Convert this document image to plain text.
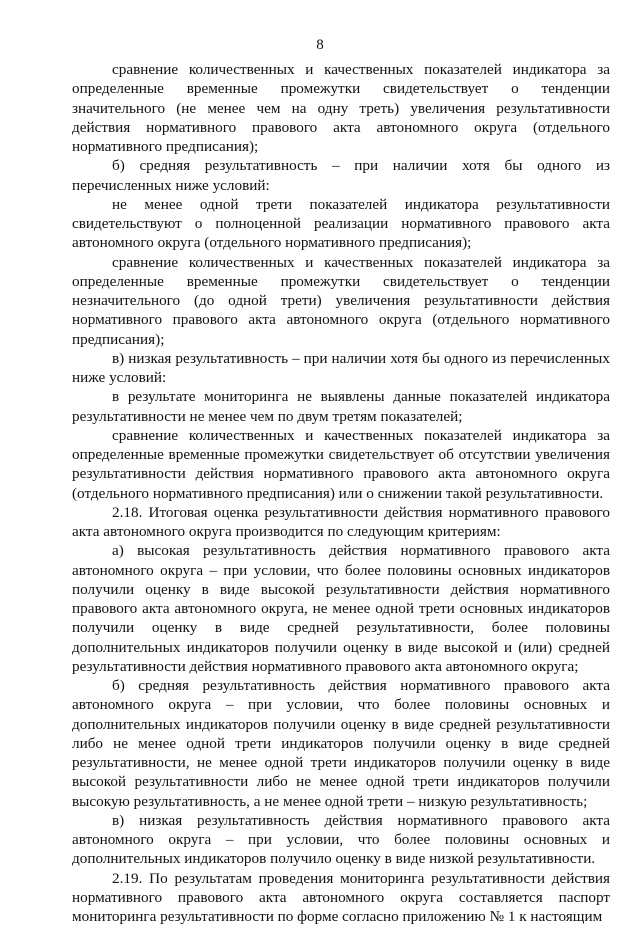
8

сравнение количественных и качественных показателей индикатора за определенные временные промежутки свидетельствует о тенденции значительного (не менее чем на одну треть) увеличения результативности действия нормативного правового акта автономного округа (отдельного нормативного предписания);

б) средняя результативность – при наличии хотя бы одного из перечисленных ниже условий:

не менее одной трети показателей индикатора результативности свидетельствуют о полноценной реализации нормативного правового акта автономного округа (отдельного нормативного предписания);

сравнение количественных и качественных показателей индикатора за определенные временные промежутки свидетельствует о тенденции незначительного (до одной трети) увеличения результативности действия нормативного правового акта автономного округа (отдельного нормативного предписания);

в) низкая результативность – при наличии хотя бы одного из перечисленных ниже условий:

в результате мониторинга не выявлены данные показателей индикатора результативности не менее чем по двум третям показателей;

сравнение количественных и качественных показателей индикатора за определенные временные промежутки свидетельствует об отсутствии увеличения результативности действия нормативного правового акта автономного округа (отдельного нормативного предписания) или о снижении такой результативности.

2.18. Итоговая оценка результативности действия нормативного правового акта автономного округа производится по следующим критериям:

а) высокая результативность действия нормативного правового акта автономного округа – при условии, что более половины основных индикаторов получили оценку в виде высокой результативности действия нормативного правового акта автономного округа, не менее одной трети основных индикаторов получили оценку в виде средней результативности, более половины дополнительных индикаторов получили оценку в виде высокой и (или) средней результативности действия нормативного правового акта автономного округа;

б) средняя результативность действия нормативного правового акта автономного округа – при условии, что более половины основных и дополнительных индикаторов получили оценку в виде средней результативности либо не менее одной трети индикаторов получили оценку в виде средней результативности, не менее одной трети индикаторов получили оценку в виде высокой результативности либо не менее одной трети индикаторов получили высокую результативность, а не менее одной трети – низкую результативность;

в) низкая результативность действия нормативного правового акта автономного округа – при условии, что более половины основных и дополнительных индикаторов получило оценку в виде низкой результативности.

2.19. По результатам проведения мониторинга результативности действия нормативного правового акта автономного округа составляется паспорт мониторинга результативности по форме согласно приложению № 1 к настоящим
